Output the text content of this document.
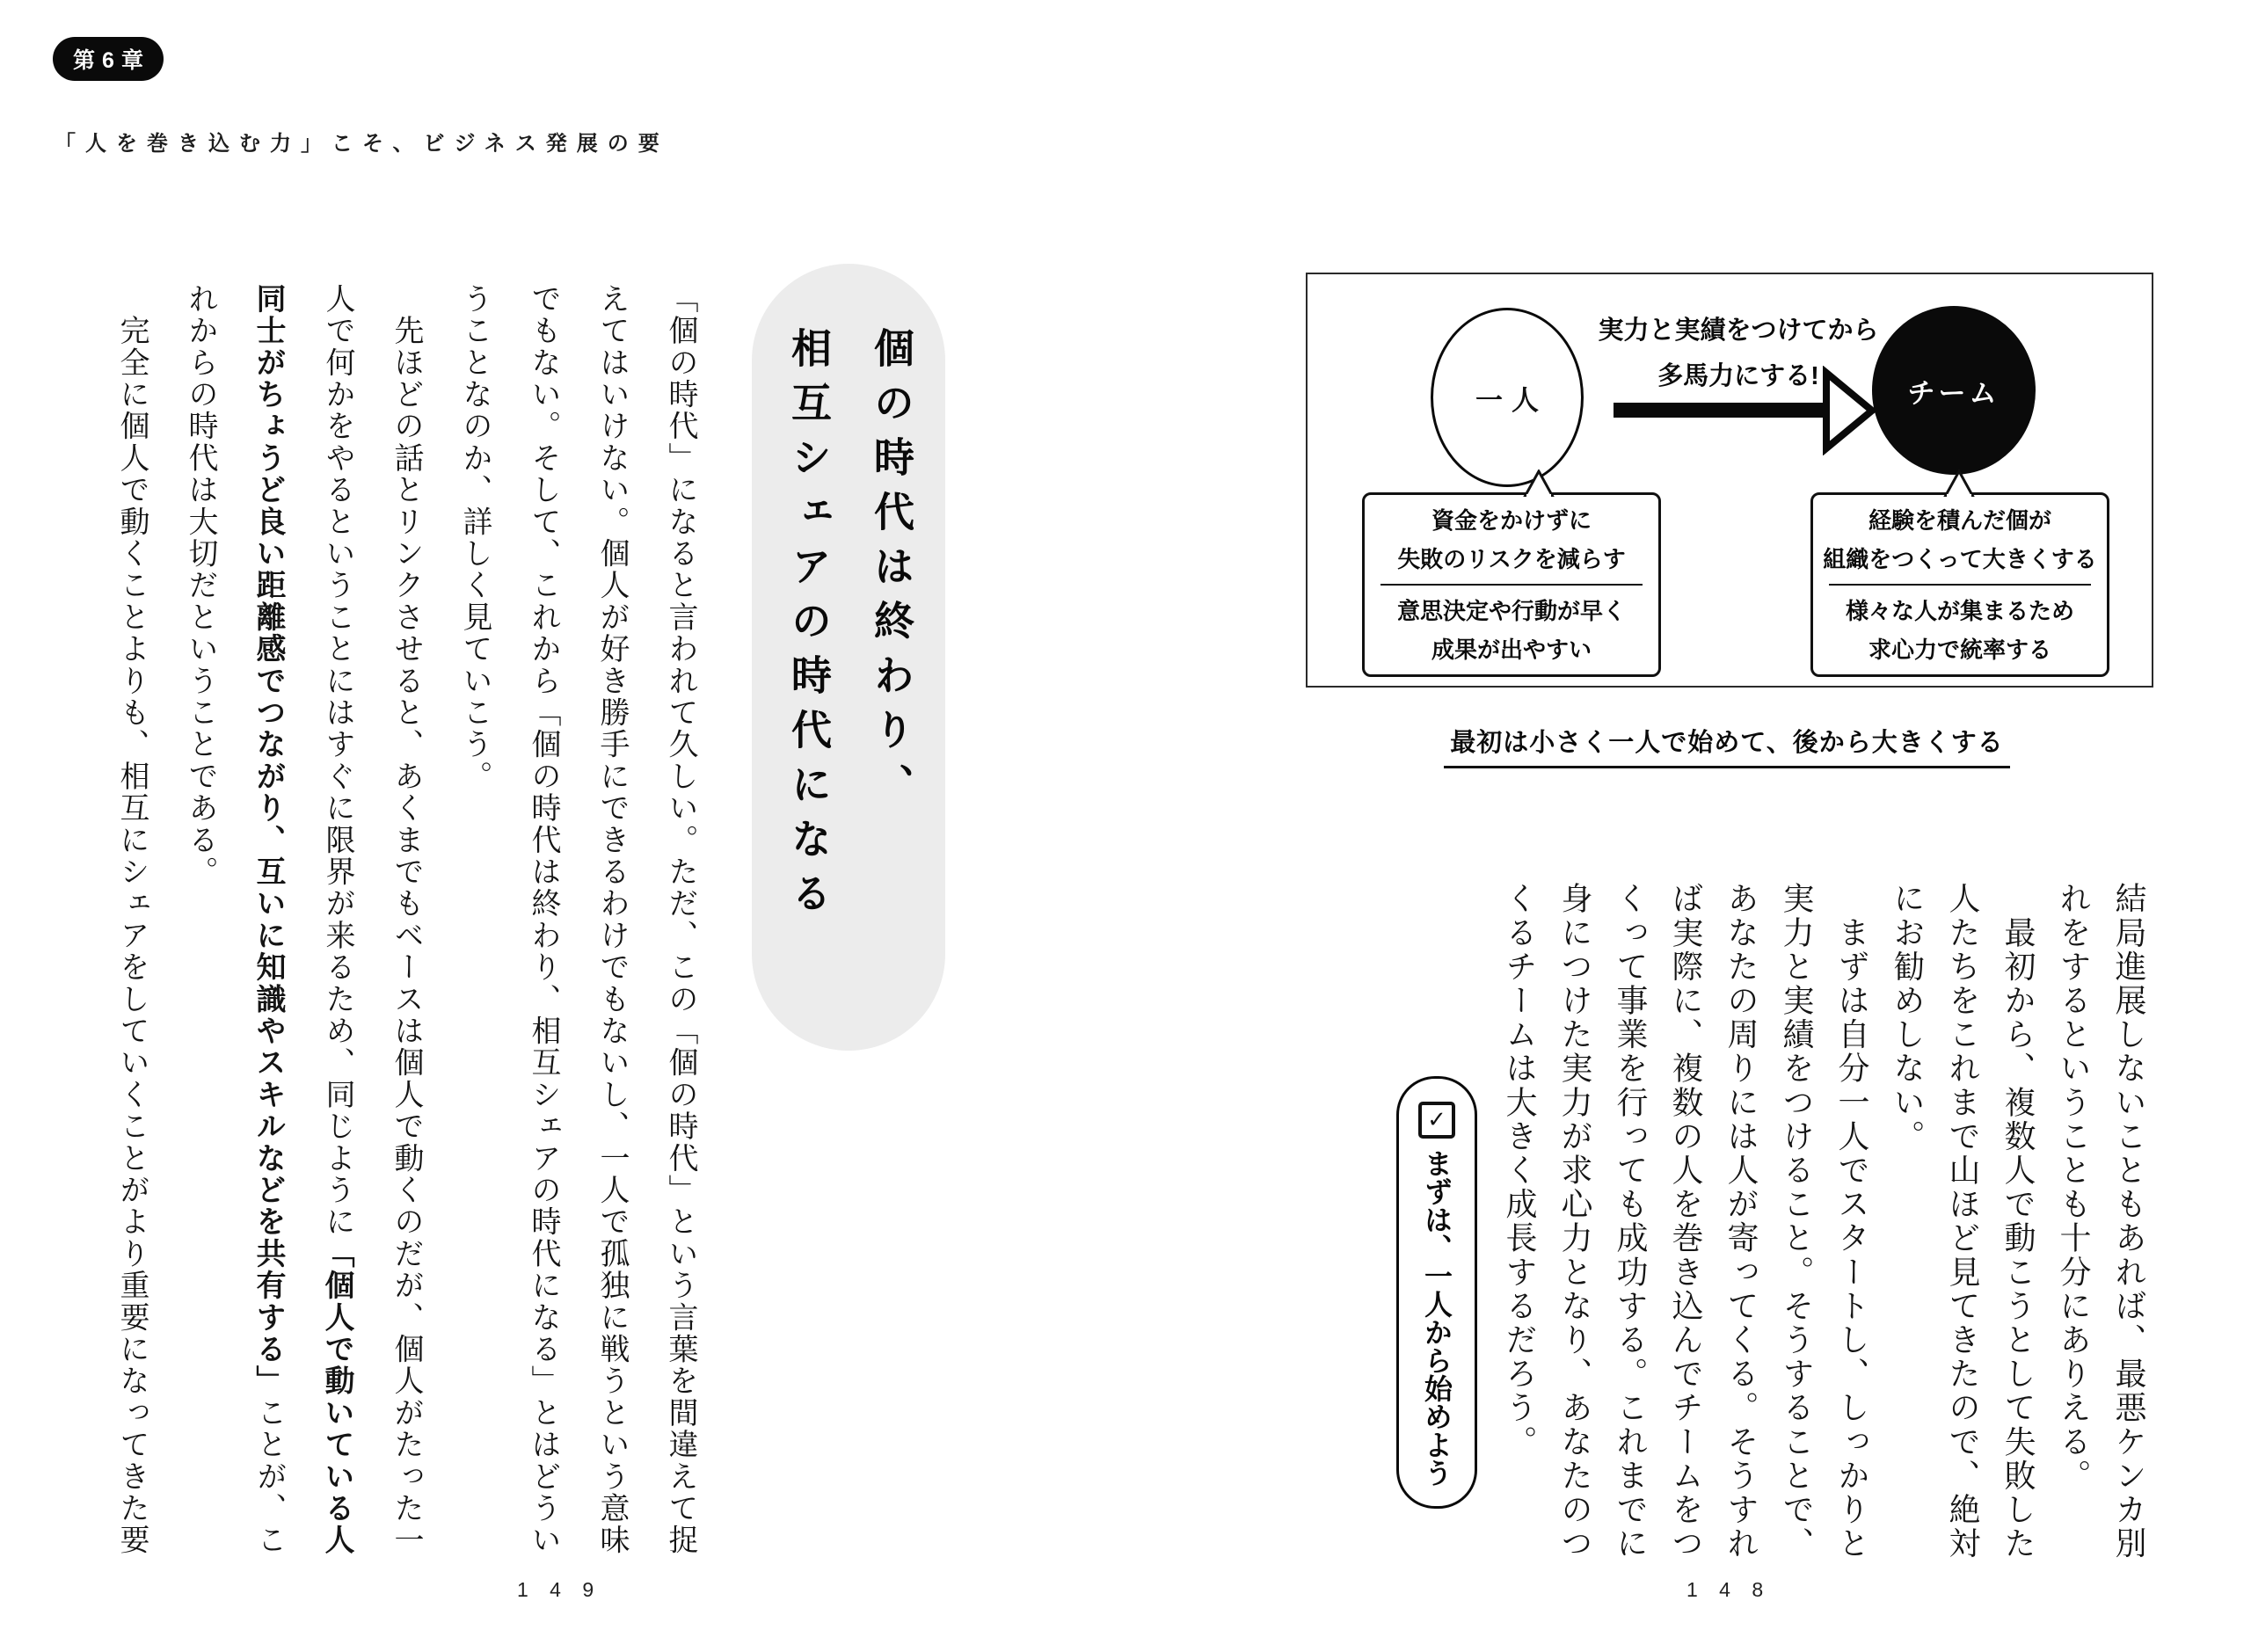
第6章
「人を巻き込む力」こそ、ビジネス発展の要
一人
実力と実績をつけてから
多馬力にする!
チーム
資金をかけずに
失敗のリスクを減らす
意思決定や行動が早く
成果が出やすい
経験を積んだ個が
組織をつくって大きくする
様々な人が集まるため
求心力で統率する
最初は小さく一人で始めて、後から大きくする

結局進展しないこともあれば、最悪ケンカ別れをするということも十分にありえる。

　最初から、複数人で動こうとして失敗した人たちをこれまで山ほど見てきたので、絶対にお勧めしない。

　まずは自分一人でスタートし、しっかりと実力と実績をつけること。そうすることで、あなたの周りには人が寄ってくる。そうすれば実際に、複数の人を巻き込んでチームをつくって事業を行っても成功する。これまでに身につけた実力が求心力となり、あなたのつくるチームは大きく成長するだろう。

✓
まずは、一人から始めよう
1 4 8
個の時代は終わり、
相互シェアの時代になる

「個の時代」になると言われて久しい。ただ、この「個の時代」という言葉を間違えて捉えてはいけない。個人が好き勝手にできるわけでもないし、一人で孤独に戦うという意味でもない。そして、これから「個の時代は終わり、相互シェアの時代になる」とはどういうことなのか、詳しく見ていこう。

　先ほどの話とリンクさせると、あくまでもベースは個人で動くのだが、個人がたった一人で何かをやるということにはすぐに限界が来るため、同じように「個人で動いている人同士がちょうど良い距離感でつながり、互いに知識やスキルなどを共有する」ことが、これからの時代は大切だということである。

　完全に個人で動くことよりも、相互にシェアをしていくことがより重要になってきた要

1 4 9
